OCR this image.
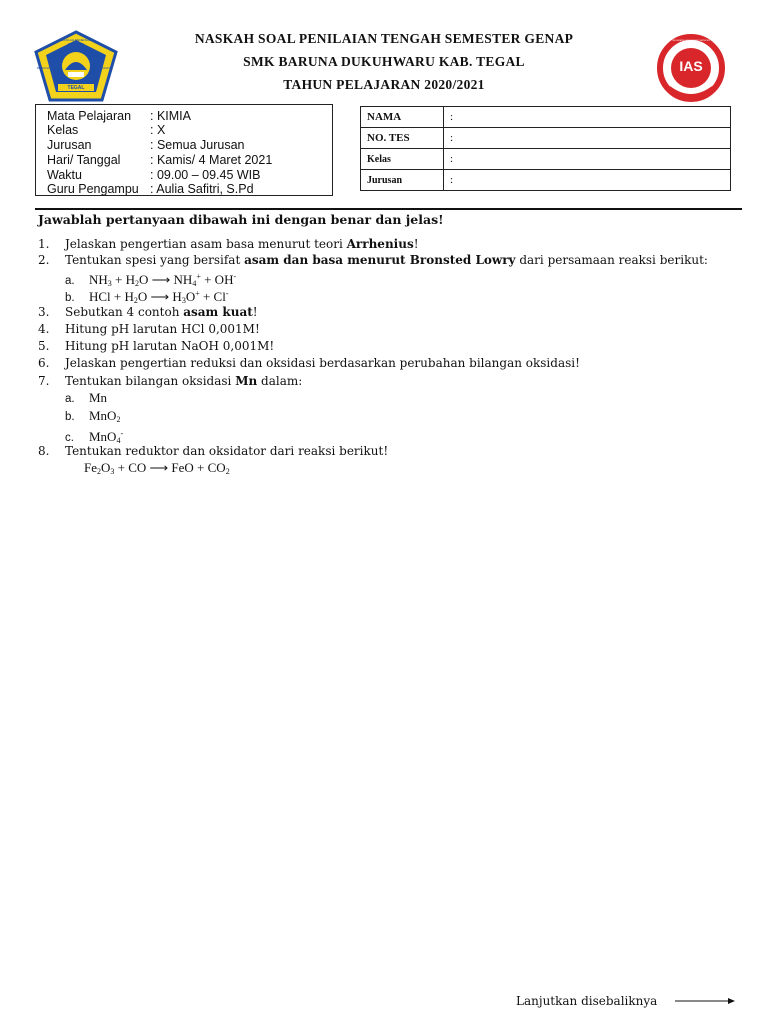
SEKOLAH MENENGAH KEJURUAN
TEGAL
BARUNA	SAKHTI
NASKAH SOAL PENILAIAN TENGAH SEMESTER GENAP
SMK BARUNA DUKUHWARU KAB. TEGAL
TAHUN PELAJARAN 2020/2021
IAS
INTEGRATED ASSESSMENT SERVICES
Mata Pelajaran : KIMIA
Kelas	: X
Jurusan	: Semua Jurusan
Hari/ Tanggal : Kamis/ 4 Maret 2021
Waktu	: 09.00 – 09.45 WIB
Guru Pengampu : Aulia Safitri, S.Pd
NAMA	:
NO. TES	:
Kelas	:
Jurusan	:
Jawablah pertanyaan dibawah ini dengan benar dan jelas!
1. Jelaskan pengertian asam basa menurut teori Arrhenius!
2. Tentukan spesi yang bersifat asam dan basa menurut Bronsted Lowry dari persamaan reaksi berikut:
a. $NH_3 + H_2O$ ⟶ $NH_4^+ + OH^-$
b. HCl + $H_2O$ ⟶ $H_3O^+ + Cl^-$
3. Sebutkan 4 contoh asam kuat!
4. Hitung pH larutan HCl 0,001M!
5. Hitung pH larutan NaOH 0,001M!
6. Jelaskan pengertian reduksi dan oksidasi berdasarkan perubahan bilangan oksidasi!
7. Tentukan bilangan oksidasi Mn dalam:
a. Mn
b. MnO$_2$
c. MnO$_4$-
8. Tentukan reduktor dan oksidator dari reaksi berikut!
$Fe_2O_3$ + CO ⟶ FeO + $CO_2$
Lanjutkan disebaliknya
